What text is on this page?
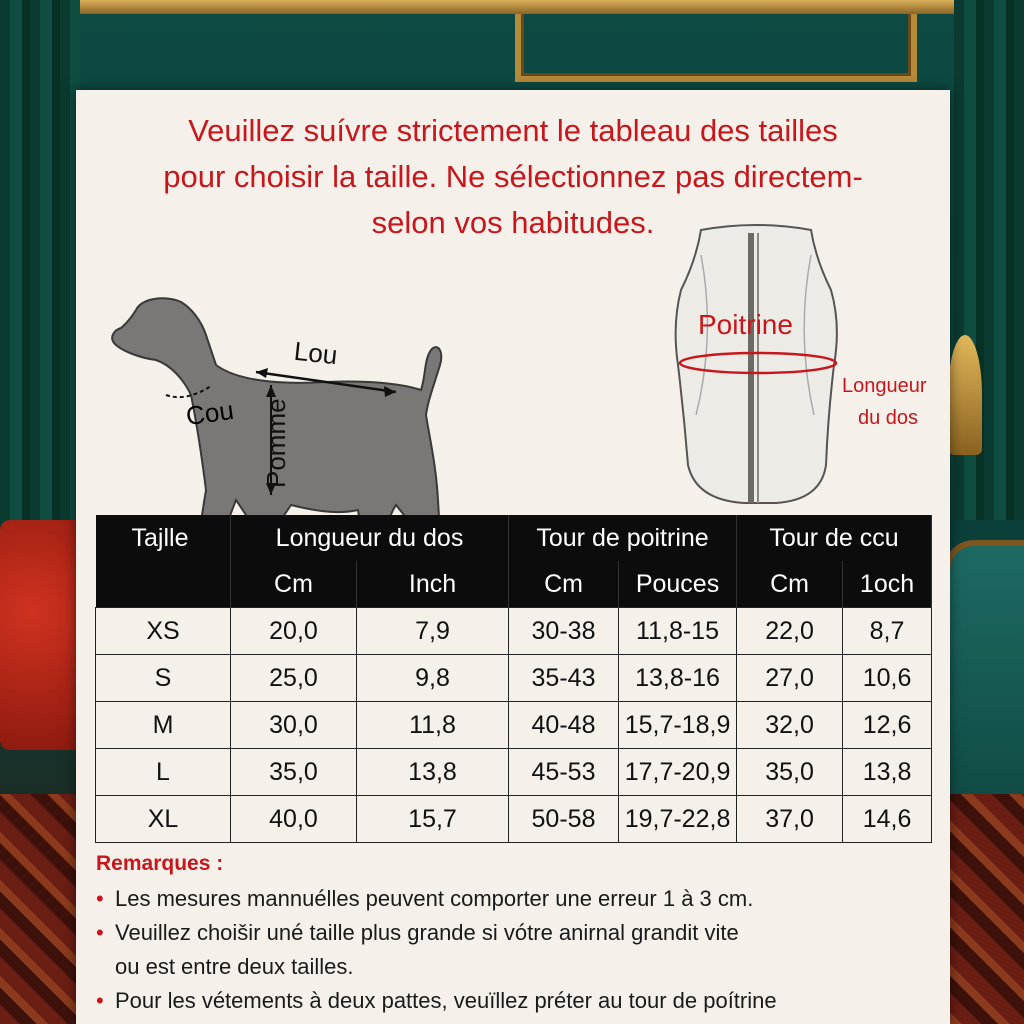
Veuillez suívre strictement le tableau des tailles
pour choisir la taille. Ne sélectionnez pas directem-
selon vos habitudes.
Lou
Cou Pomme
Poitrine
Longueur
du dos
Tajlle	Longueur du dos		Tour de poitrine		Tour de ccu	
	Cm	Inch	Cm	Pouces	Cm	1och
XS	20,0	7,9	30-38	11,8-15	22,0	8,7
S	25,0	9,8	35-43	13,8-16	27,0	10,6
M	30,0	11,8	40-48	15,7-18,9	32,0	12,6
L	35,0	13,8	45-53	17,7-20,9	35,0	13,8
XL	40,0	15,7	50-58	19,7-22,8	37,0	14,6
Remarques :
• Les mesures mannuélles peuvent comporter une erreur 1 à 3 cm.
• Veuillez choišir uné taille plus grande si vótre anirnal grandit vite
ou est entre deux tailles.
• Pour les vétements à deux pattes, veuïllez préter au tour de poítrine
